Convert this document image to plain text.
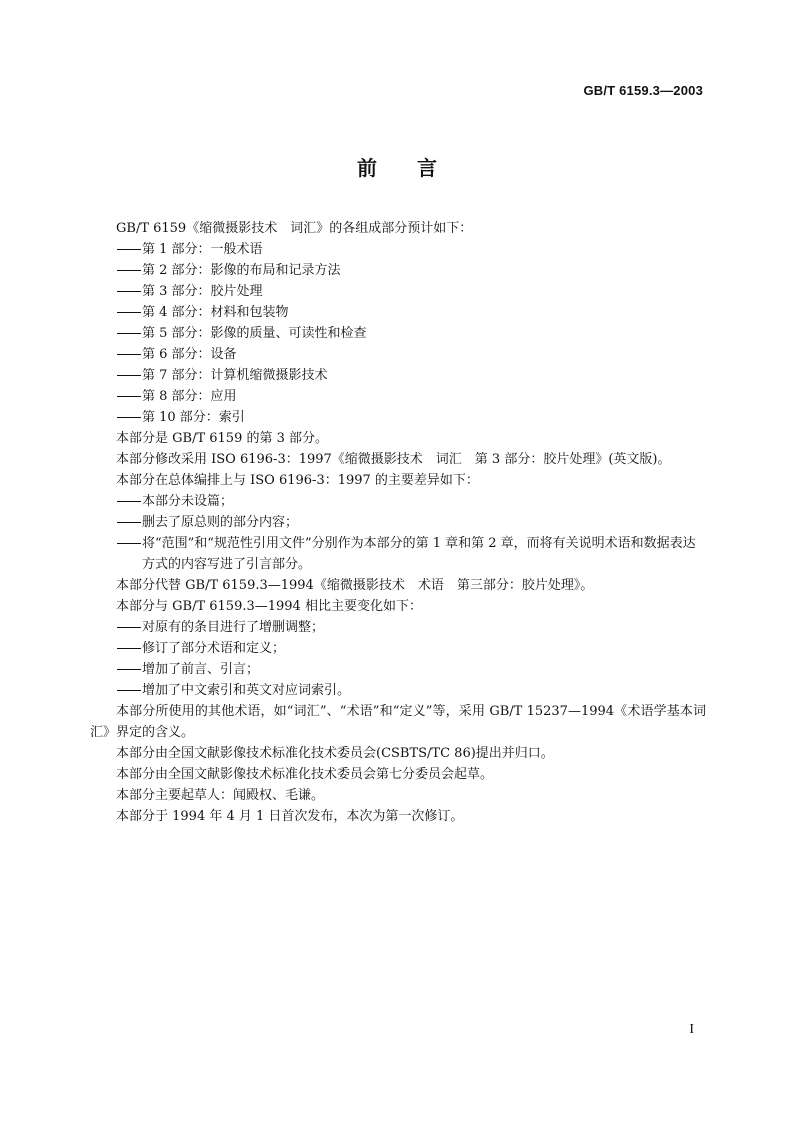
GB/T 6159.3—2003
前言

GB/T 6159《缩微摄影技术　词汇》的各组成部分预计如下：

第 1 部分：一般术语

第 2 部分：影像的布局和记录方法

第 3 部分：胶片处理

第 4 部分：材料和包装物

第 5 部分：影像的质量、可读性和检查

第 6 部分：设备

第 7 部分：计算机缩微摄影技术

第 8 部分：应用

第 10 部分：索引

本部分是 GB/T 6159 的第 3 部分。

本部分修改采用 ISO 6196-3：1997《缩微摄影技术　词汇　第 3 部分：胶片处理》(英文版)。

本部分在总体编排上与 ISO 6196-3：1997 的主要差异如下：

本部分未设篇；

删去了原总则的部分内容；

将“范围”和“规范性引用文件”分别作为本部分的第 1 章和第 2 章，而将有关说明术语和数据表达方式的内容写进了引言部分。

本部分代替 GB/T 6159.3—1994《缩微摄影技术　术语　第三部分：胶片处理》。

本部分与 GB/T 6159.3—1994 相比主要变化如下：

对原有的条目进行了增删调整；

修订了部分术语和定义；

增加了前言、引言；

增加了中文索引和英文对应词索引。

本部分所使用的其他术语，如“词汇”、“术语”和“定义”等，采用 GB/T 15237—1994《术语学基本词汇》界定的含义。

本部分由全国文献影像技术标准化技术委员会(CSBTS/TC 86)提出并归口。

本部分由全国文献影像技术标准化技术委员会第七分委员会起草。

本部分主要起草人：闻殿权、毛谦。

本部分于 1994 年 4 月 1 日首次发布，本次为第一次修订。

I
